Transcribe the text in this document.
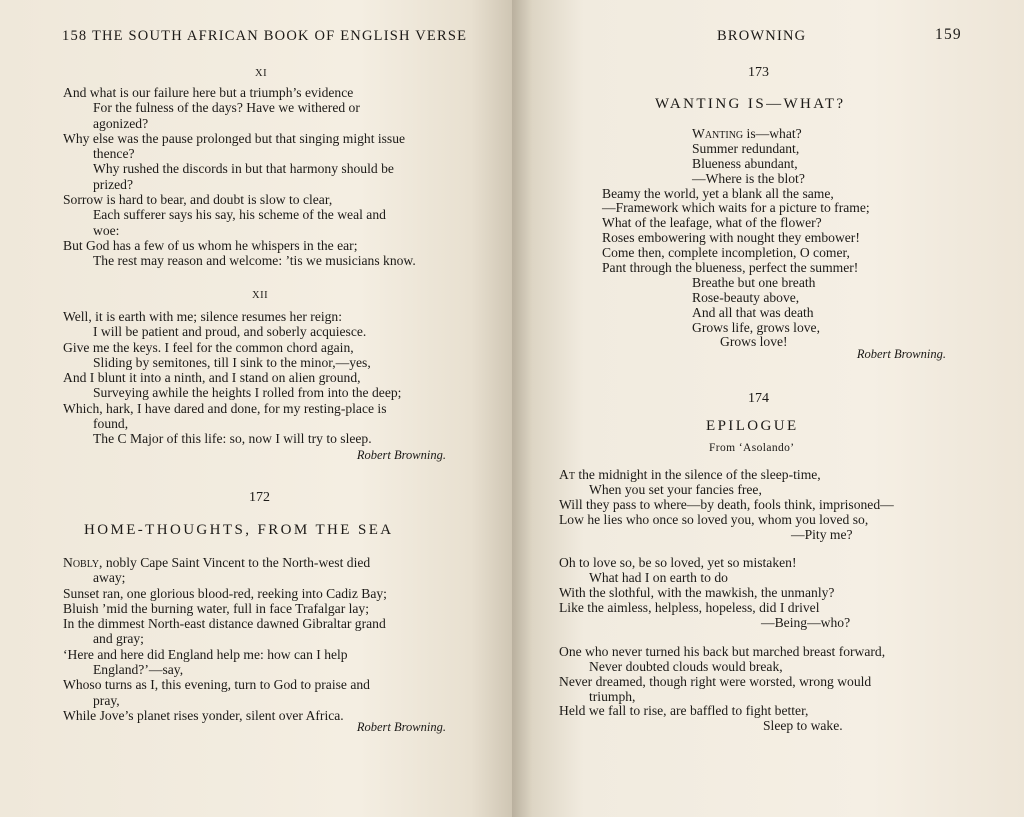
158 THE SOUTH AFRICAN BOOK OF ENGLISH VERSE
XI
And what is our failure here but a triumph’s evidence
For the fulness of the days? Have we withered or
agonized?
Why else was the pause prolonged but that singing might issue
thence?
Why rushed the discords in but that harmony should be
prized?
Sorrow is hard to bear, and doubt is slow to clear,
Each sufferer says his say, his scheme of the weal and
woe:
But God has a few of us whom he whispers in the ear;
The rest may reason and welcome: ’tis we musicians know.
XII
Well, it is earth with me; silence resumes her reign:
I will be patient and proud, and soberly acquiesce.
Give me the keys. I feel for the common chord again,
Sliding by semitones, till I sink to the minor,—yes,
And I blunt it into a ninth, and I stand on alien ground,
Surveying awhile the heights I rolled from into the deep;
Which, hark, I have dared and done, for my resting-place is
found,
The C Major of this life: so, now I will try to sleep.
Robert Browning.
172
HOME-THOUGHTS, FROM THE SEA
Nobly, nobly Cape Saint Vincent to the North-west died
away;
Sunset ran, one glorious blood-red, reeking into Cadiz Bay;
Bluish ’mid the burning water, full in face Trafalgar lay;
In the dimmest North-east distance dawned Gibraltar grand
and gray;
‘Here and here did England help me: how can I help
England?’—say,
Whoso turns as I, this evening, turn to God to praise and
pray,
While Jove’s planet rises yonder, silent over Africa.
Robert Browning.
BROWNING	159
173
WANTING IS—WHAT?
Wanting is—what?
Summer redundant,
Blueness abundant,
—Where is the blot?
Beamy the world, yet a blank all the same,
—Framework which waits for a picture to frame;
What of the leafage, what of the flower?
Roses embowering with nought they embower!
Come then, complete incompletion, O comer,
Pant through the blueness, perfect the summer!
Breathe but one breath
Rose-beauty above,
And all that was death
Grows life, grows love,
Grows love!
Robert Browning.
174
EPILOGUE
From ‘Asolando’
At the midnight in the silence of the sleep-time,
When you set your fancies free,
Will they pass to where—by death, fools think, imprisoned—
Low he lies who once so loved you, whom you loved so,
—Pity me?
Oh to love so, be so loved, yet so mistaken!
What had I on earth to do
With the slothful, with the mawkish, the unmanly?
Like the aimless, helpless, hopeless, did I drivel
—Being—who?
One who never turned his back but marched breast forward,
Never doubted clouds would break,
Never dreamed, though right were worsted, wrong would
triumph,
Held we fall to rise, are baffled to fight better,
Sleep to wake.
